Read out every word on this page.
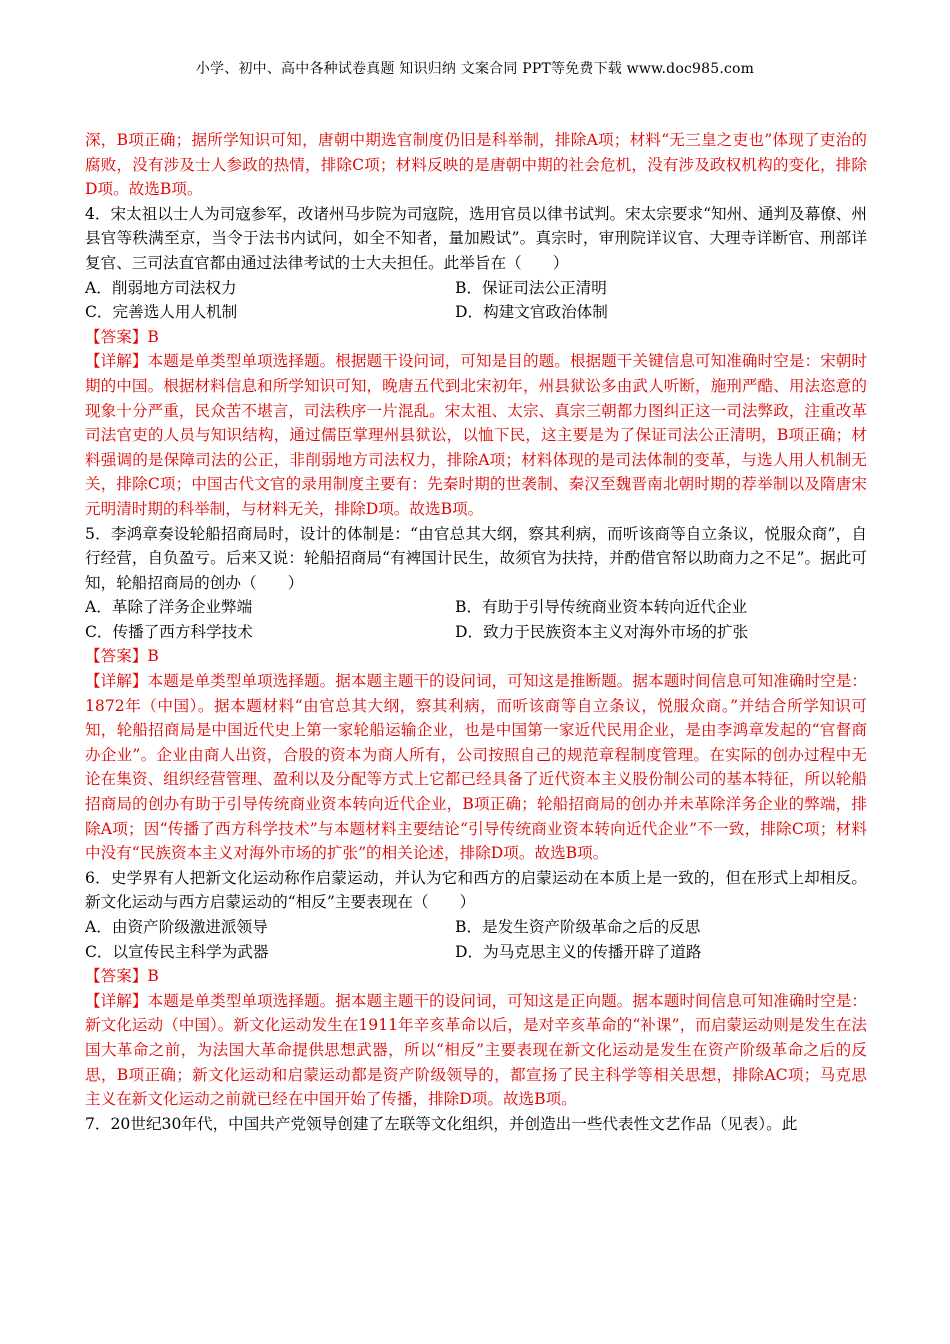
小学、初中、高中各种试卷真题 知识归纳 文案合同 PPT等免费下载 www.doc985.com

深，B项正确；据所学知识可知，唐朝中期选官制度仍旧是科举制，排除A项；材料“无三皇之吏也”体现了吏治的腐败，没有涉及士人参政的热情，排除C项；材料反映的是唐朝中期的社会危机，没有涉及政权机构的变化，排除D项。故选B项。

4．宋太祖以士人为司寇参军，改诸州马步院为司寇院，选用官员以律书试判。宋太宗要求“知州、通判及幕僚、州县官等秩满至京，当令于法书内试问，如全不知者，量加殿试”。真宗时，审刑院详议官、大理寺详断官、刑部详复官、三司法直官都由通过法律考试的士大夫担任。此举旨在（　　）

A．削弱地方司法权力	B．保证司法公正清明
C．完善选人用人机制	D．构建文官政治体制

【答案】B

【详解】本题是单类型单项选择题。根据题干设问词，可知是目的题。根据题干关键信息可知准确时空是：宋朝时期的中国。根据材料信息和所学知识可知，晚唐五代到北宋初年，州县狱讼多由武人听断，施刑严酷、用法恣意的现象十分严重，民众苦不堪言，司法秩序一片混乱。宋太祖、太宗、真宗三朝都力图纠正这一司法弊政，注重改革司法官吏的人员与知识结构，通过儒臣掌理州县狱讼，以恤下民，这主要是为了保证司法公正清明，B项正确；材料强调的是保障司法的公正，非削弱地方司法权力，排除A项；材料体现的是司法体制的变革，与选人用人机制无关，排除C项；中国古代文官的录用制度主要有：先秦时期的世袭制、秦汉至魏晋南北朝时期的荐举制以及隋唐宋元明清时期的科举制，与材料无关，排除D项。故选B项。

5．李鸿章奏设轮船招商局时，设计的体制是：“由官总其大纲，察其利病，而听该商等自立条议，悦服众商”，自行经营，自负盈亏。后来又说：轮船招商局“有裨国计民生，故须官为扶持，并酌借官帑以助商力之不足”。据此可知，轮船招商局的创办（　　）

A．革除了洋务企业弊端	B．有助于引导传统商业资本转向近代企业
C．传播了西方科学技术	D．致力于民族资本主义对海外市场的扩张

【答案】B

【详解】本题是单类型单项选择题。据本题主题干的设问词，可知这是推断题。据本题时间信息可知准确时空是：1872年（中国）。据本题材料“由官总其大纲，察其利病，而听该商等自立条议，悦服众商。”并结合所学知识可知，轮船招商局是中国近代史上第一家轮船运输企业，也是中国第一家近代民用企业，是由李鸿章发起的“官督商办企业”。企业由商人出资，合股的资本为商人所有，公司按照自己的规范章程制度管理。在实际的创办过程中无论在集资、组织经营管理、盈利以及分配等方式上它都已经具备了近代资本主义股份制公司的基本特征，所以轮船招商局的创办有助于引导传统商业资本转向近代企业，B项正确；轮船招商局的创办并未革除洋务企业的弊端，排除A项；因“传播了西方科学技术”与本题材料主要结论“引导传统商业资本转向近代企业”不一致，排除C项；材料中没有“民族资本主义对海外市场的扩张”的相关论述，排除D项。故选B项。

6．史学界有人把新文化运动称作启蒙运动，并认为它和西方的启蒙运动在本质上是一致的，但在形式上却相反。新文化运动与西方启蒙运动的“相反”主要表现在（　　）

A．由资产阶级激进派领导	B．是发生资产阶级革命之后的反思
C．以宣传民主科学为武器	D．为马克思主义的传播开辟了道路

【答案】B

【详解】本题是单类型单项选择题。据本题主题干的设问词，可知这是正向题。据本题时间信息可知准确时空是：新文化运动（中国）。新文化运动发生在1911年辛亥革命以后，是对辛亥革命的“补课”，而启蒙运动则是发生在法国大革命之前，为法国大革命提供思想武器，所以“相反”主要表现在新文化运动是发生在资产阶级革命之后的反思，B项正确；新文化运动和启蒙运动都是资产阶级领导的，都宣扬了民主科学等相关思想，排除AC项；马克思主义在新文化运动之前就已经在中国开始了传播，排除D项。故选B项。

7．20世纪30年代，中国共产党领导创建了左联等文化组织，并创造出一些代表性文艺作品（见表）。此
